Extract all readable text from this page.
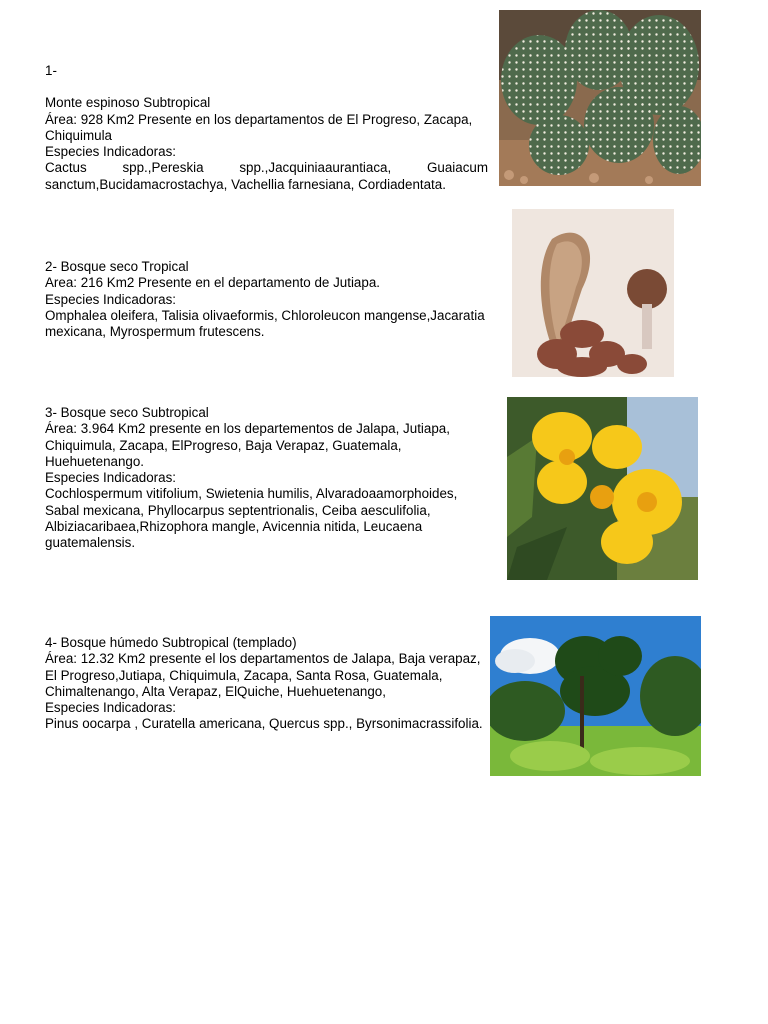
1-

Monte espinoso Subtropical

Área: 928 Km2 Presente en los departamentos de El Progreso, Zacapa, Chiquimula

Especies Indicadoras:

Cactus spp.,Pereskia spp.,Jacquiniaaurantiaca, Guaiacum sanctum,Bucidamacrostachya, Vachellia farnesiana, Cordiadentata.

2- Bosque seco Tropical

Area: 216 Km2 Presente en el departamento de Jutiapa.

Especies Indicadoras:

Omphalea oleifera, Talisia olivaeformis, Chloroleucon mangense,Jacaratia mexicana, Myrospermum frutescens.

3- Bosque seco Subtropical

Área: 3.964 Km2 presente en los departementos de Jalapa, Jutiapa, Chiquimula, Zacapa, ElProgreso, Baja Verapaz, Guatemala, Huehuetenango.

Especies Indicadoras:

Cochlospermum vitifolium, Swietenia humilis, Alvaradoaamorphoides, Sabal mexicana, Phyllocarpus septentrionalis, Ceiba aesculifolia, Albiziacaribaea,Rhizophora mangle, Avicennia nitida, Leucaena guatemalensis.

4- Bosque húmedo Subtropical (templado)

Área: 12.32 Km2 presente el los departamentos de Jalapa, Baja verapaz, El Progreso,Jutiapa, Chiquimula, Zacapa, Santa Rosa, Guatemala, Chimaltenango, Alta Verapaz, ElQuiche, Huehuetenango,

Especies Indicadoras:

Pinus oocarpa , Curatella americana, Quercus spp., Byrsonimacrassifolia.
